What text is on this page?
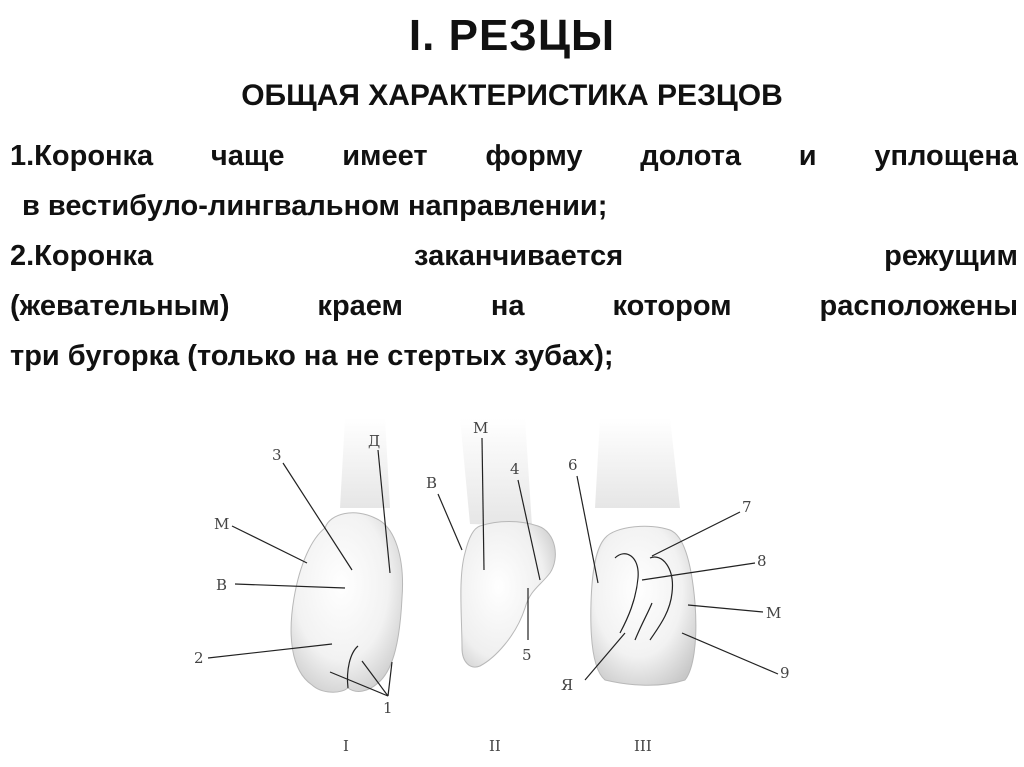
I. РЕЗЦЫ
ОБЩАЯ ХАРАКТЕРИСТИКА РЕЗЦОВ
1.Коронка чаще имеет форму долота и уплощена
в вестибуло-лингвальном направлении;
2.Коронка заканчивается режущим
(жевательным) краем на котором расположены
три бугорка (только на не стертых зубах);
Д
3
М
В
2
1
М
В
4
5
6
7
8
М
9
Я
I	II	III
